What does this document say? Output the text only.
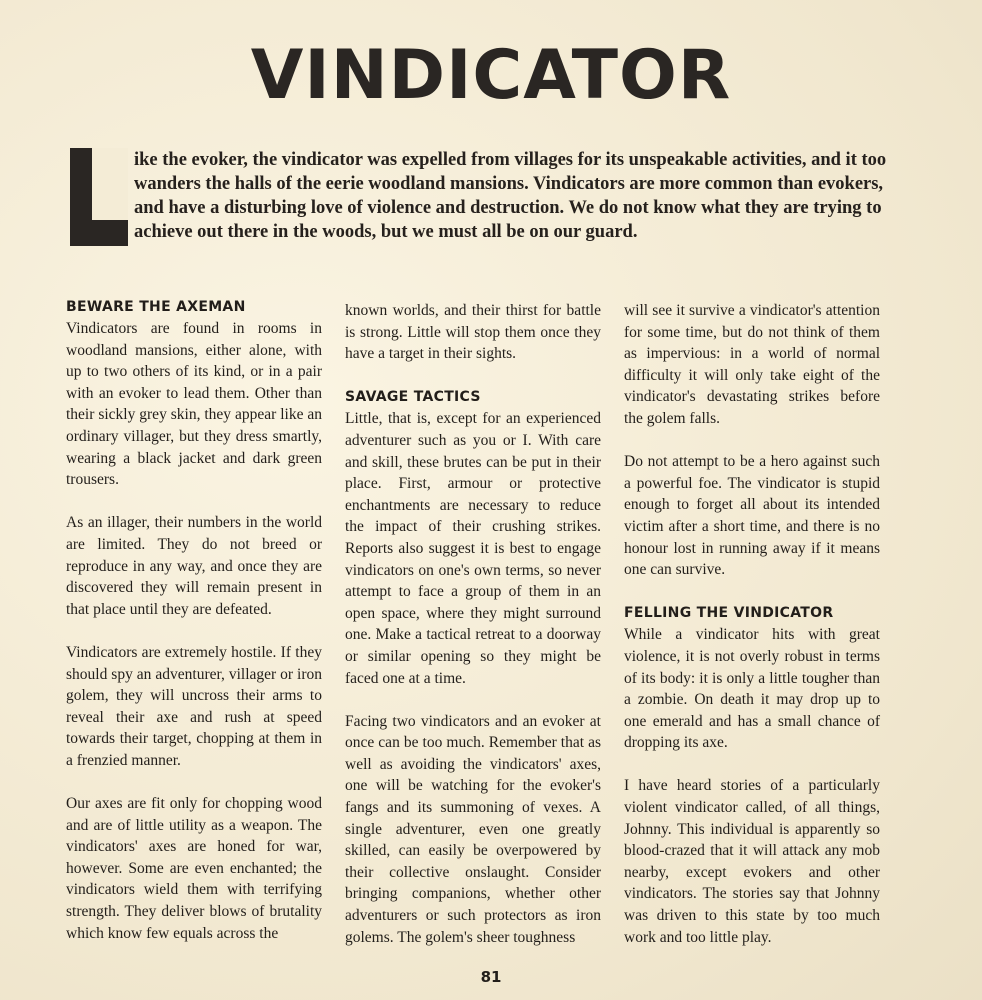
VINDICATOR

ike the evoker, the vindicator was expelled from villages for its unspeakable activities, and it too wanders the halls of the eerie woodland mansions. Vindicators are more common than evokers, and have a disturbing love of violence and destruction. We do not know what they are trying to achieve out there in the woods, but we must all be on our guard.

BEWARE THE AXEMAN

Vindicators are found in rooms in woodland mansions, either alone, with up to two others of its kind, or in a pair with an evoker to lead them. Other than their sickly grey skin, they appear like an ordinary villager, but they dress smartly, wearing a black jacket and dark green trousers.

As an illager, their numbers in the world are limited. They do not breed or reproduce in any way, and once they are discovered they will remain present in that place until they are defeated.

Vindicators are extremely hostile. If they should spy an adventurer, villager or iron golem, they will uncross their arms to reveal their axe and rush at speed towards their target, chopping at them in a frenzied manner.

Our axes are fit only for chopping wood and are of little utility as a weapon. The vindicators' axes are honed for war, however. Some are even enchanted; the vindicators wield them with terrifying strength. They deliver blows of brutality which know few equals across the

known worlds, and their thirst for battle is strong. Little will stop them once they have a target in their sights.

SAVAGE TACTICS

Little, that is, except for an experienced adventurer such as you or I. With care and skill, these brutes can be put in their place. First, armour or protective enchantments are necessary to reduce the impact of their crushing strikes. Reports also suggest it is best to engage vindicators on one's own terms, so never attempt to face a group of them in an open space, where they might surround one. Make a tactical retreat to a doorway or similar opening so they might be faced one at a time.

Facing two vindicators and an evoker at once can be too much. Remember that as well as avoiding the vindicators' axes, one will be watching for the evoker's fangs and its summoning of vexes. A single adventurer, even one greatly skilled, can easily be overpowered by their collective onslaught. Consider bringing companions, whether other adventurers or such protectors as iron golems. The golem's sheer toughness

will see it survive a vindicator's attention for some time, but do not think of them as impervious: in a world of normal difficulty it will only take eight of the vindicator's devastating strikes before the golem falls.

Do not attempt to be a hero against such a powerful foe. The vindicator is stupid enough to forget all about its intended victim after a short time, and there is no honour lost in running away if it means one can survive.

FELLING THE VINDICATOR

While a vindicator hits with great violence, it is not overly robust in terms of its body: it is only a little tougher than a zombie. On death it may drop up to one emerald and has a small chance of dropping its axe.

I have heard stories of a particularly violent vindicator called, of all things, Johnny. This individual is apparently so blood-crazed that it will attack any mob nearby, except evokers and other vindicators. The stories say that Johnny was driven to this state by too much work and too little play.

81
